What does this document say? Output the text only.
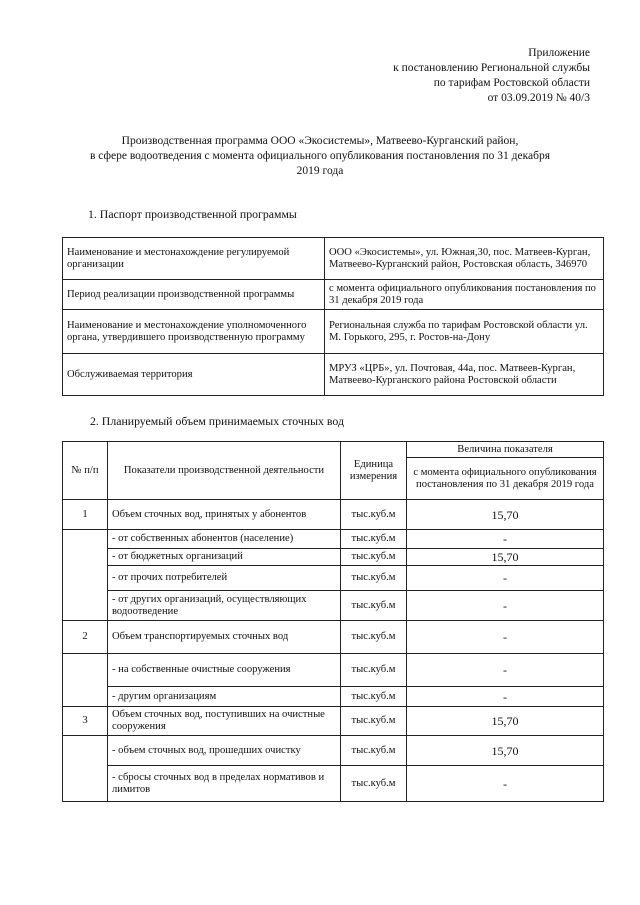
Приложение
к постановлению Региональной службы
по тарифам Ростовской области
от 03.09.2019 № 40/3
Производственная программа ООО «Экосистемы», Матвеево-Курганский район,
в сфере водоотведения с момента официального опубликования постановления по 31 декабря
2019 года
1. Паспорт производственной программы
Наименование и местонахождение регулируемой организации	ООО «Экосистемы», ул. Южная,30, пос. Матвеев-Курган, Матвеево-Курганский район, Ростовская область, 346970
Период реализации производственной программы	с момента официального опубликования постановления по 31 декабря 2019 года
Наименование и местонахождение уполномоченного органа, утвердившего производственную программу	Региональная служба по тарифам Ростовской области ул. М. Горького, 295, г. Ростов-на-Дону
Обслуживаемая территория	МРУЗ «ЦРБ», ул. Почтовая, 44а, пос. Матвеев-Курган, Матвеево-Курганского района Ростовской области
2. Планируемый объем принимаемых сточных вод
№ п/п	Показатели производственной деятельности	Единица измерения	Величина показателя
			с момента официального опубликования постановления по 31 декабря 2019 года
1	Объем сточных вод, принятых у абонентов	тыс.куб.м	15,70
	- от собственных абонентов (население)	тыс.куб.м	-
	- от бюджетных организаций	тыс.куб.м	15,70
	- от прочих потребителей	тыс.куб.м	-
	- от других организаций, осуществляющих водоотведение	тыс.куб.м	-
2	Объем транспортируемых сточных вод	тыс.куб.м	-
	- на собственные очистные сооружения	тыс.куб.м	-
	- другим организациям	тыс.куб.м	-
3	Объем сточных вод, поступивших на очистные сооружения	тыс.куб.м	15,70
	- объем сточных вод, прошедших очистку	тыс.куб.м	15,70
	- сбросы сточных вод в пределах нормативов и лимитов	тыс.куб.м	-
